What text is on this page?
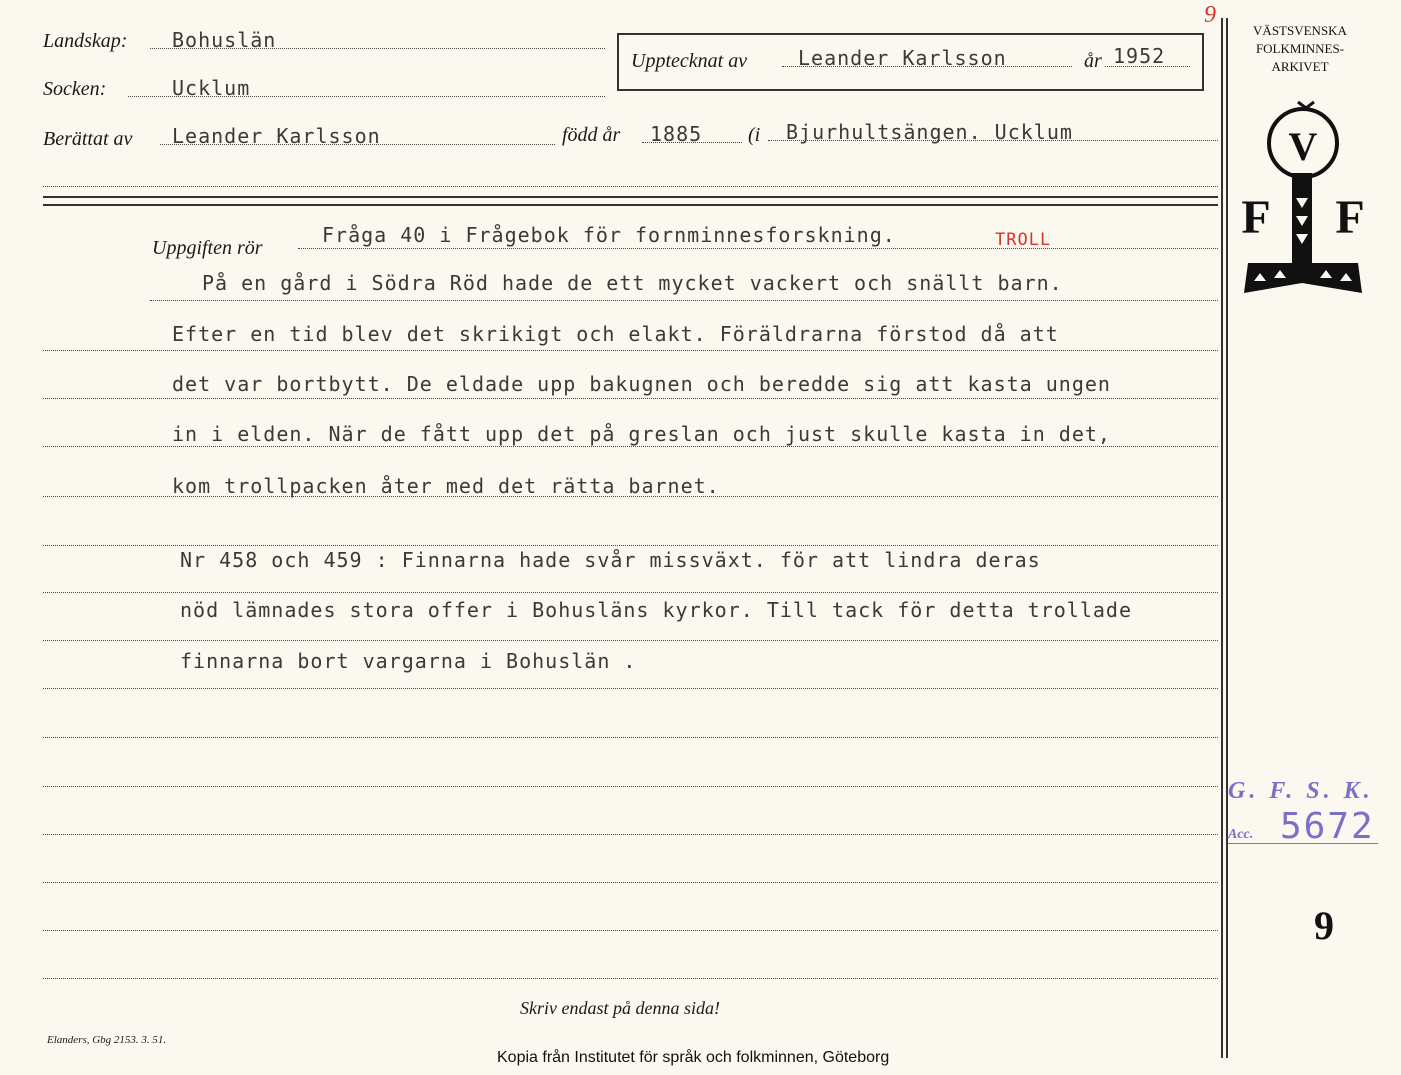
Landskap: Bohuslän
Socken:	Ucklum
Upptecknat av	Leander Karlsson	år 1952
Berättat av Leander Karlsson	född år 1885 (i Bjurhultsängen. Ucklum
Uppgiften rör
Fråga 40 i Frågebok för fornminnesforskning.	TROLL
På en gård i Södra Röd hade de ett mycket vackert och snällt barn.
Efter en tid blev det skrikigt och elakt. Föräldrarna förstod då att
det var bortbytt. De eldade upp bakugnen och beredde sig att kasta ungen
in i elden. När de fått upp det på greslan och just skulle kasta in det,
kom trollpacken åter med det rätta barnet.
Nr 458 och 459 : Finnarna hade svår missväxt. för att lindra deras
nöd lämnades stora offer i Bohusläns kyrkor. Till tack för detta trollade
finnarna bort vargarna i Bohuslän .
Skriv endast på denna sida!
Elanders, Gbg 2153. 3. 51.
Kopia från Institutet för språk och folkminnen, Göteborg
9
VÄSTSVENSKA
FOLKMINNES-
ARKIVET
V
F F
G. F. S. K.
Acc. 5672
9
